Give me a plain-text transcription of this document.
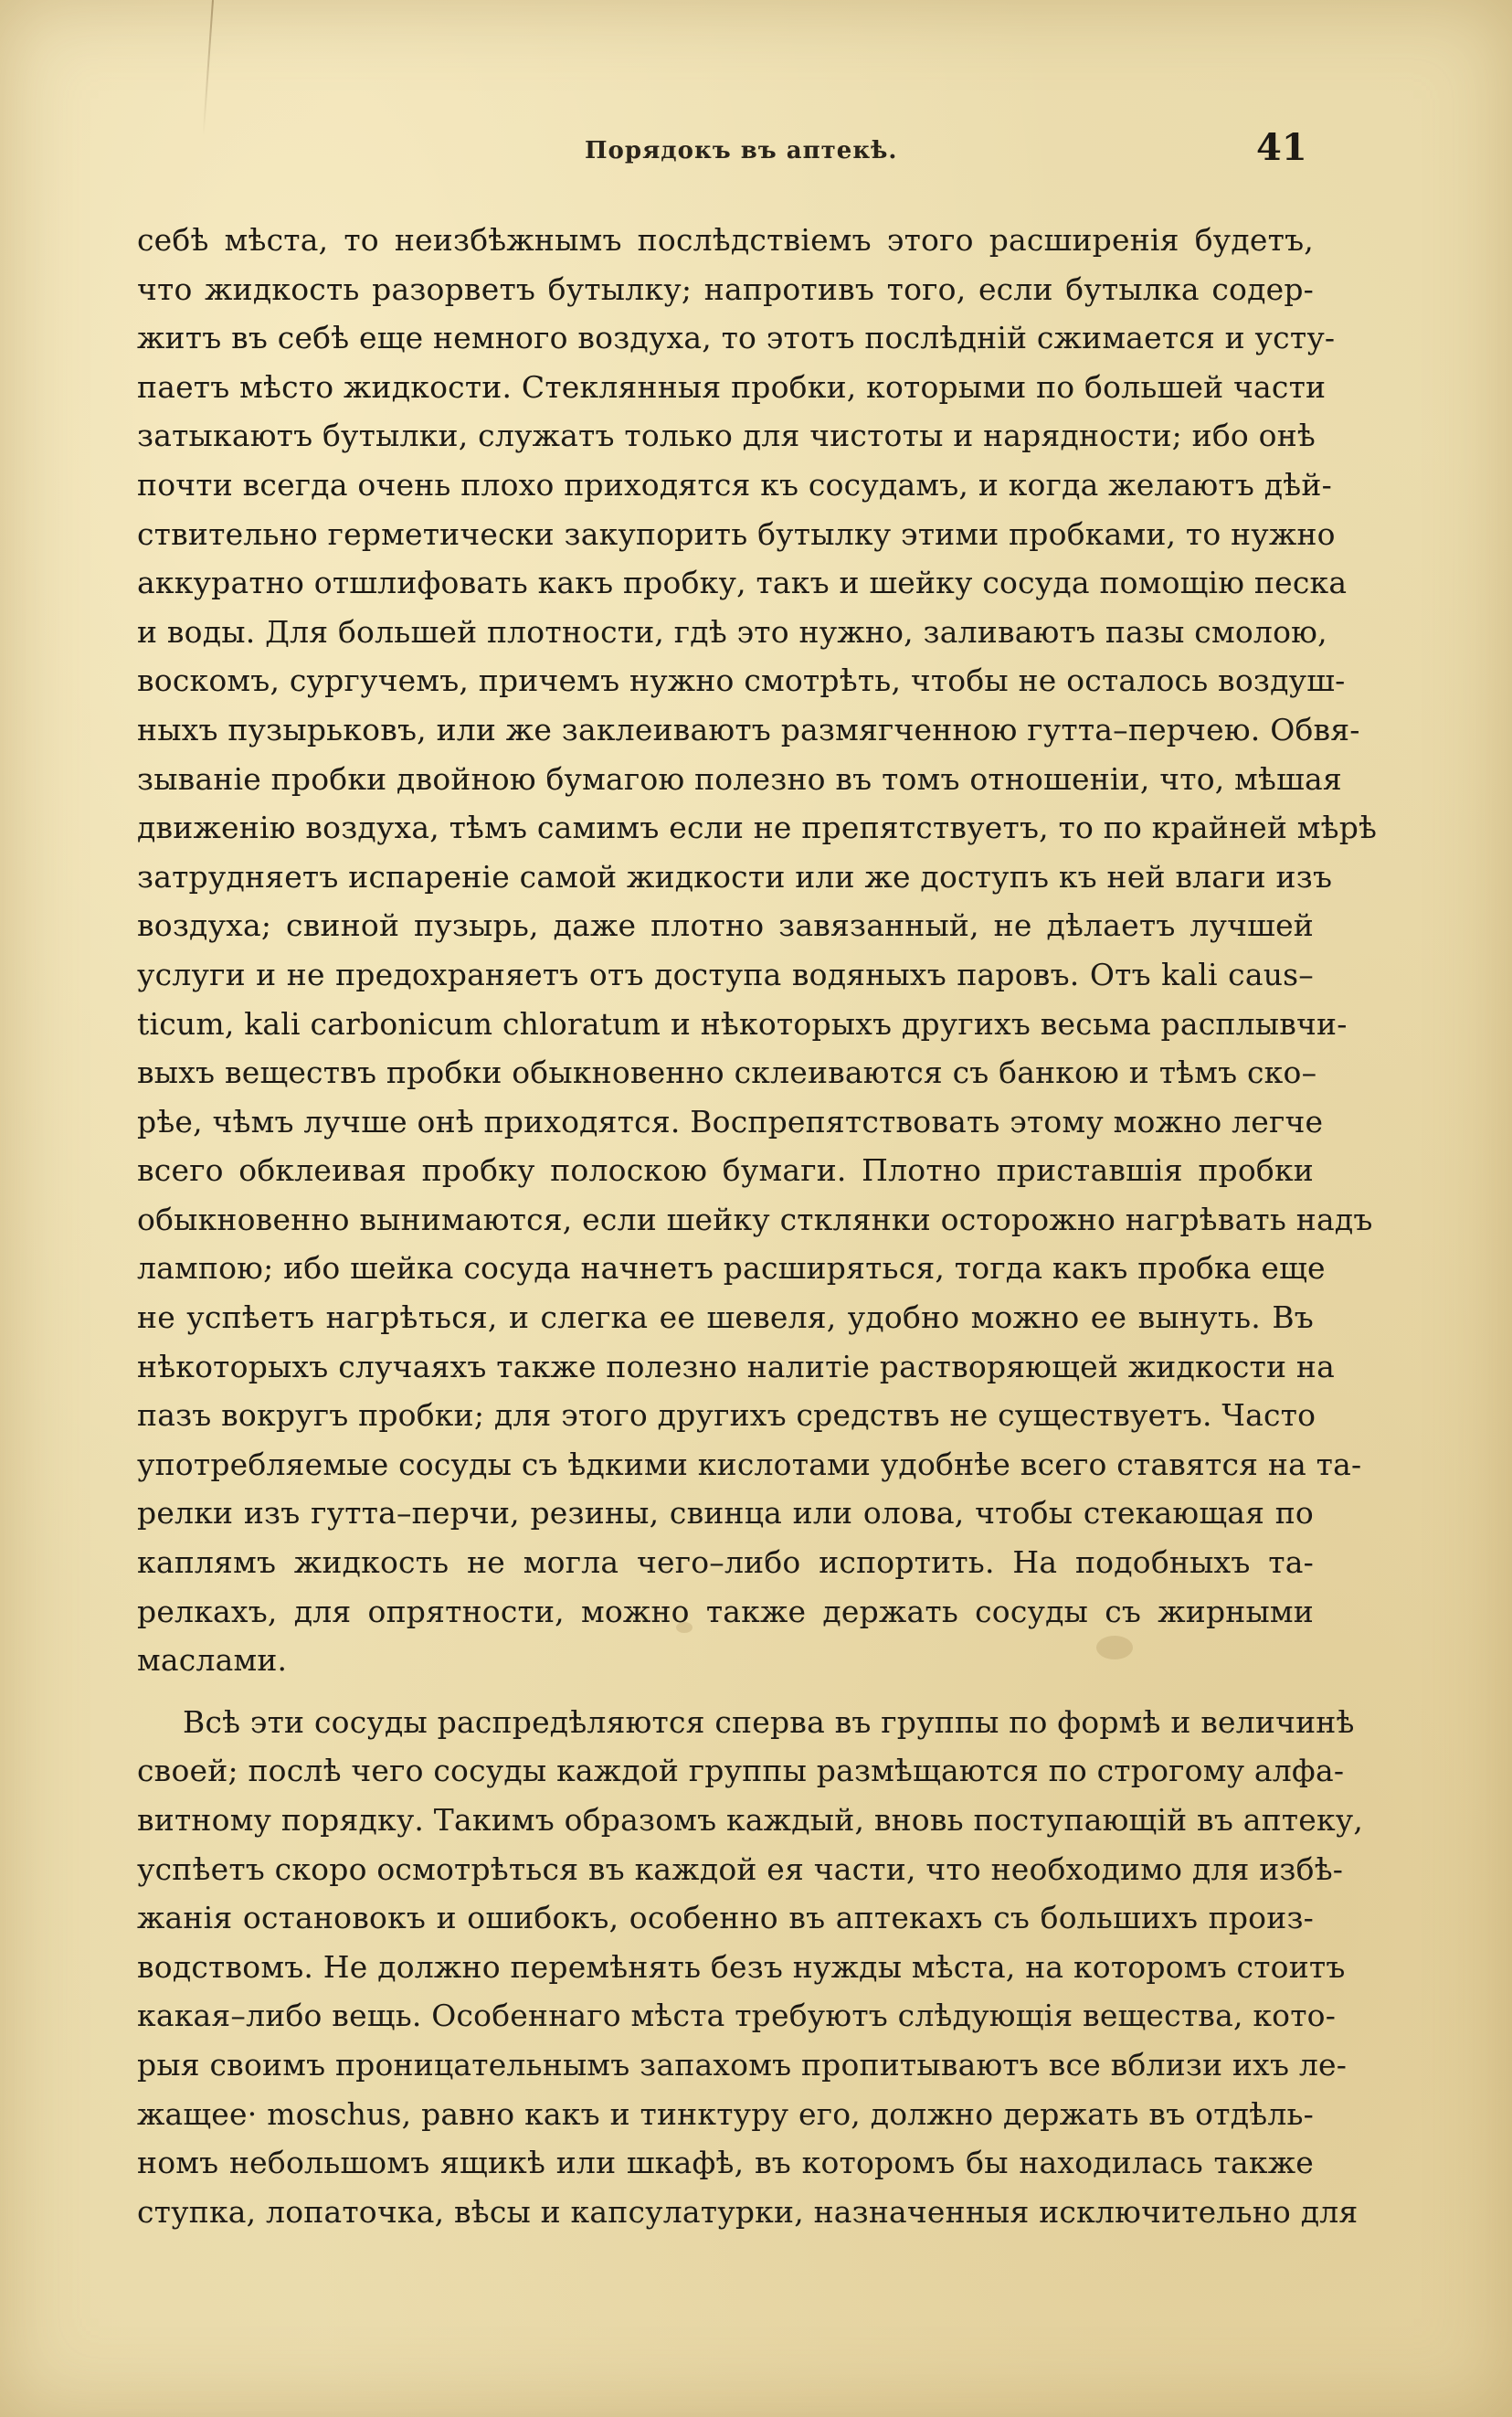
Порядокъ въ аптекѣ.	41
себѣ мѣста, то неизбѣжнымъ послѣдствiемъ этого расширенiя будетъ,
что жидкость разорветъ бутылку; напротивъ того, если бутылка содер-
житъ въ себѣ еще немного воздуха, то этотъ послѣднiй сжимается и усту-
паетъ мѣсто жидкости. Стеклянныя пробки, которыми по большей части
затыкаютъ бутылки, служатъ только для чистоты и нарядности; ибо онѣ
почти всегда очень плохо приходятся къ сосудамъ, и когда желаютъ дѣй-
ствительно герметически закупорить бутылку этими пробками, то нужно
аккуратно отшлифовать какъ пробку, такъ и шейку сосуда помощiю песка
и воды. Для большей плотности, гдѣ это нужно, заливаютъ пазы смолою,
воскомъ, сургучемъ, причемъ нужно смотрѣть, чтобы не осталось воздуш-
ныхъ пузырьковъ, или же заклеиваютъ размягченною гутта–перчею. Обвя-
зыванiе пробки двойною бумагою полезно въ томъ отношенiи, что, мѣшая
движенiю воздуха, тѣмъ самимъ если не препятствуетъ, то по крайней мѣрѣ
затрудняетъ испаренiе самой жидкости или же доступъ къ ней влаги изъ
воздуха; свиной пузырь, даже плотно завязанный, не дѣлаетъ лучшей
услуги и не предохраняетъ отъ доступа водяныхъ паровъ. Отъ kali caus–
ticum, kali carbonicum chloratum и нѣкоторыхъ другихъ весьма расплывчи-
выхъ веществъ пробки обыкновенно склеиваются съ банкою и тѣмъ ско–
рѣе, чѣмъ лучше онѣ приходятся. Воспрепятствовать этому можно легче
всего обклеивая пробку полоскою бумаги. Плотно приставшiя пробки
обыкновенно вынимаются, если шейку стклянки осторожно нагрѣвать надъ
лампою; ибо шейка сосуда начнетъ расширяться, тогда какъ пробка еще
не успѣетъ нагрѣться, и слегка ее шевеля, удобно можно ее вынуть. Въ
нѣкоторыхъ случаяхъ также полезно налитiе растворяющей жидкости на
пазъ вокругъ пробки; для этого другихъ средствъ не существуетъ. Часто
употребляемые сосуды съ ѣдкими кислотами удобнѣе всего ставятся на та-
релки изъ гутта–перчи, резины, свинца или олова, чтобы стекающая по
каплямъ жидкость не могла чего–либо испортить. На подобныхъ та-
релкахъ, для опрятности, можно также держать сосуды съ жирными
маслами.
Всѣ эти сосуды распредѣляются сперва въ группы по формѣ и величинѣ
своей; послѣ чего сосуды каждой группы размѣщаются по строгому алфа-
витному порядку. Такимъ образомъ каждый, вновь поступающiй въ аптеку,
успѣетъ скоро осмотрѣться въ каждой ея части, что необходимо для избѣ-
жанiя остановокъ и ошибокъ, особенно въ аптекахъ съ большихъ произ-
водствомъ. Не должно перемѣнять безъ нужды мѣста, на которомъ стоитъ
какая–либо вещь. Особеннаго мѣста требуютъ слѣдующiя вещества, кото-
рыя своимъ проницательнымъ запахомъ пропитываютъ все вблизи ихъ ле-
жащее· moschus, равно какъ и тинктуру его, должно держать въ отдѣль-
номъ небольшомъ ящикѣ или шкафѣ, въ которомъ бы находилась также
ступка, лопаточка, вѣсы и капсулатурки, назначенныя исключительно для
